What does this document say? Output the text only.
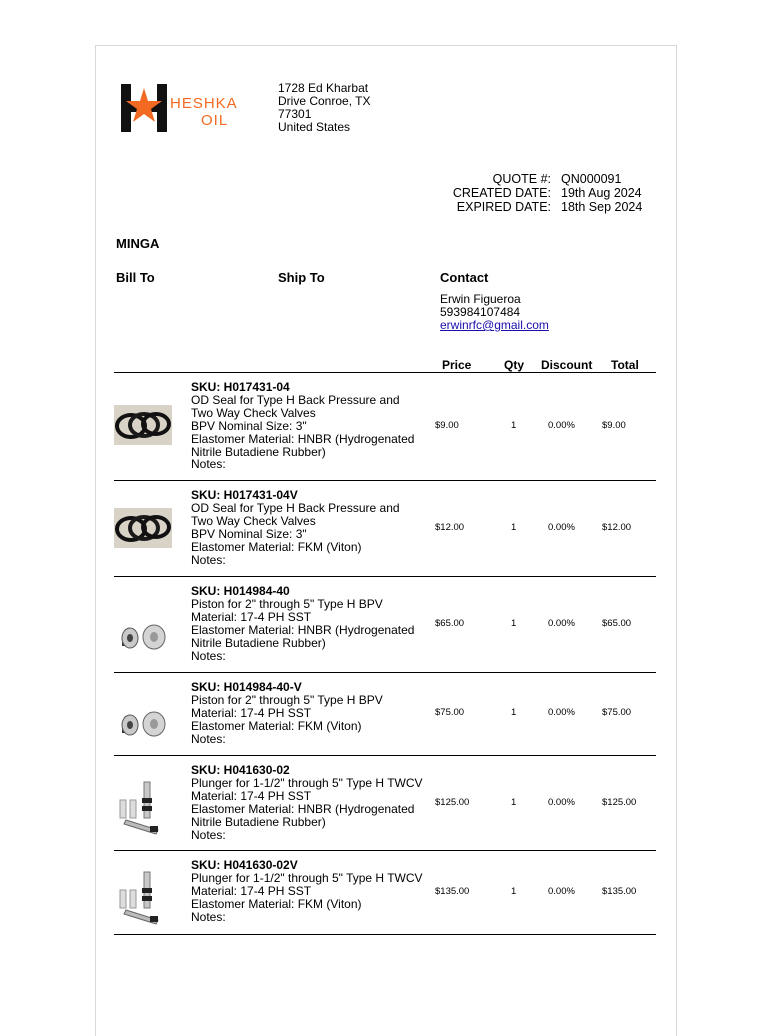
HESHKA
OIL
1728 Ed Kharbat
Drive Conroe, TX
77301
United States
QUOTE #: QN000091
CREATED DATE: 19th Aug 2024
EXPIRED DATE: 18th Sep 2024
MINGA
Bill To	Ship To	Contact
Erwin Figueroa
593984107484
erwinrfc@gmail.com
Price	Qty Discount Total
SKU: H017431-04
OD Seal for Type H Back Pressure and
Two Way Check Valves
BPV Nominal Size: 3"
Elastomer Material: HNBR (Hydrogenated
Nitrile Butadiene Rubber)
Notes:
$9.00	1	0.00%	$9.00
SKU: H017431-04V
OD Seal for Type H Back Pressure and
Two Way Check Valves
BPV Nominal Size: 3"
Elastomer Material: FKM (Viton)
Notes:
$12.00	1	0.00%	$12.00
SKU: H014984-40
Piston for 2" through 5" Type H BPV
Material: 17-4 PH SST
Elastomer Material: HNBR (Hydrogenated
Nitrile Butadiene Rubber)
Notes:
$65.00	1	0.00%	$65.00
SKU: H014984-40-V
Piston for 2" through 5" Type H BPV
Material: 17-4 PH SST
Elastomer Material: FKM (Viton)
Notes:
$75.00	1	0.00%	$75.00
SKU: H041630-02
Plunger for 1-1/2" through 5" Type H TWCV
Material: 17-4 PH SST
Elastomer Material: HNBR (Hydrogenated
Nitrile Butadiene Rubber)
Notes:
$125.00	1	0.00%	$125.00
SKU: H041630-02V
Plunger for 1-1/2" through 5" Type H TWCV
Material: 17-4 PH SST
Elastomer Material: FKM (Viton)
Notes:
$135.00	1	0.00%	$135.00
